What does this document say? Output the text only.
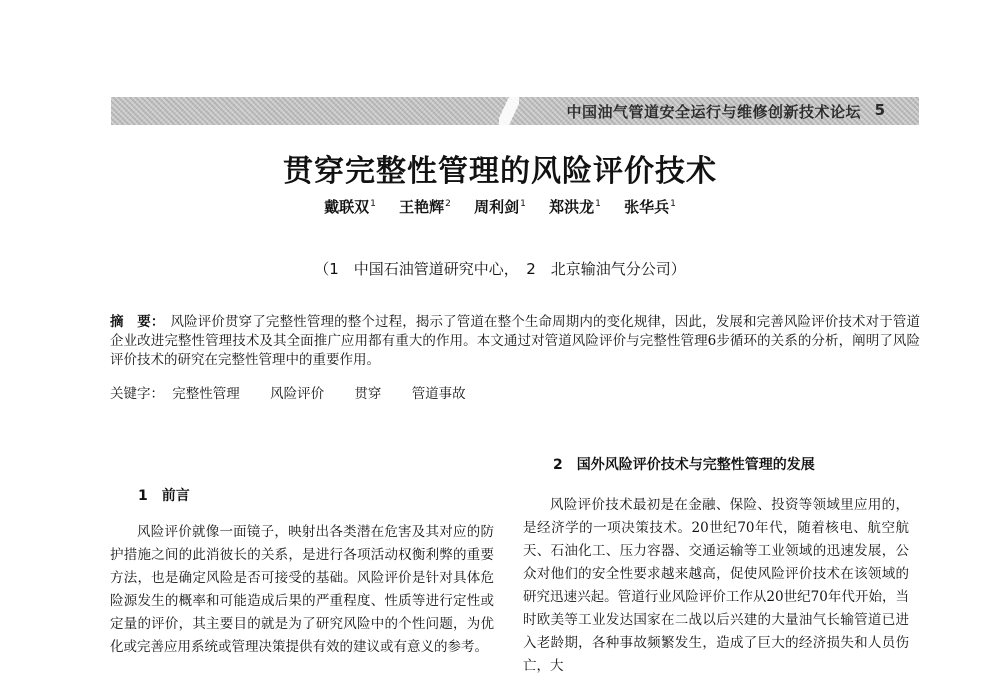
中国油气管道安全运行与维修创新技术论坛 5
贯穿完整性管理的风险评价技术
戴联双$^1$ 王艳辉$^2$ 周利剑$^1$ 郑洪龙$^1$ 张华兵$^1$
（1　中国石油管道研究中心，　2　北京输油气分公司）
摘　要： 风险评价贯穿了完整性管理的整个过程，揭示了管道在整个生命周期内的变化规律，因此，发展和完善风险评价技术对于管道企业改进完整性管理技术及其全面推广应用都有重大的作用。本文通过对管道风险评价与完整性管理6步循环的关系的分析，阐明了风险评价技术的研究在完整性管理中的重要作用。
关键字： 完整性管理 风险评价 贯穿 管道事故
1　前言

风险评价就像一面镜子，映射出各类潜在危害及其对应的防护措施之间的此消彼长的关系，是进行各项活动权衡利弊的重要方法，也是确定风险是否可接受的基础。风险评价是针对具体危险源发生的概率和可能造成后果的严重程度、性质等进行定性或定量的评价，其主要目的就是为了研究风险中的个性问题，为优化或完善应用系统或管理决策提供有效的建议或有意义的参考。

2　国外风险评价技术与完整性管理的发展

风险评价技术最初是在金融、保险、投资等领域里应用的，是经济学的一项决策技术。20世纪70年代，随着核电、航空航天、石油化工、压力容器、交通运输等工业领域的迅速发展，公众对他们的安全性要求越来越高，促使风险评价技术在该领域的研究迅速兴起。管道行业风险评价工作从20世纪70年代开始，当时欧美等工业发达国家在二战以后兴建的大量油气长输管道已进入老龄期，各种事故频繁发生，造成了巨大的经济损失和人员伤亡，大
